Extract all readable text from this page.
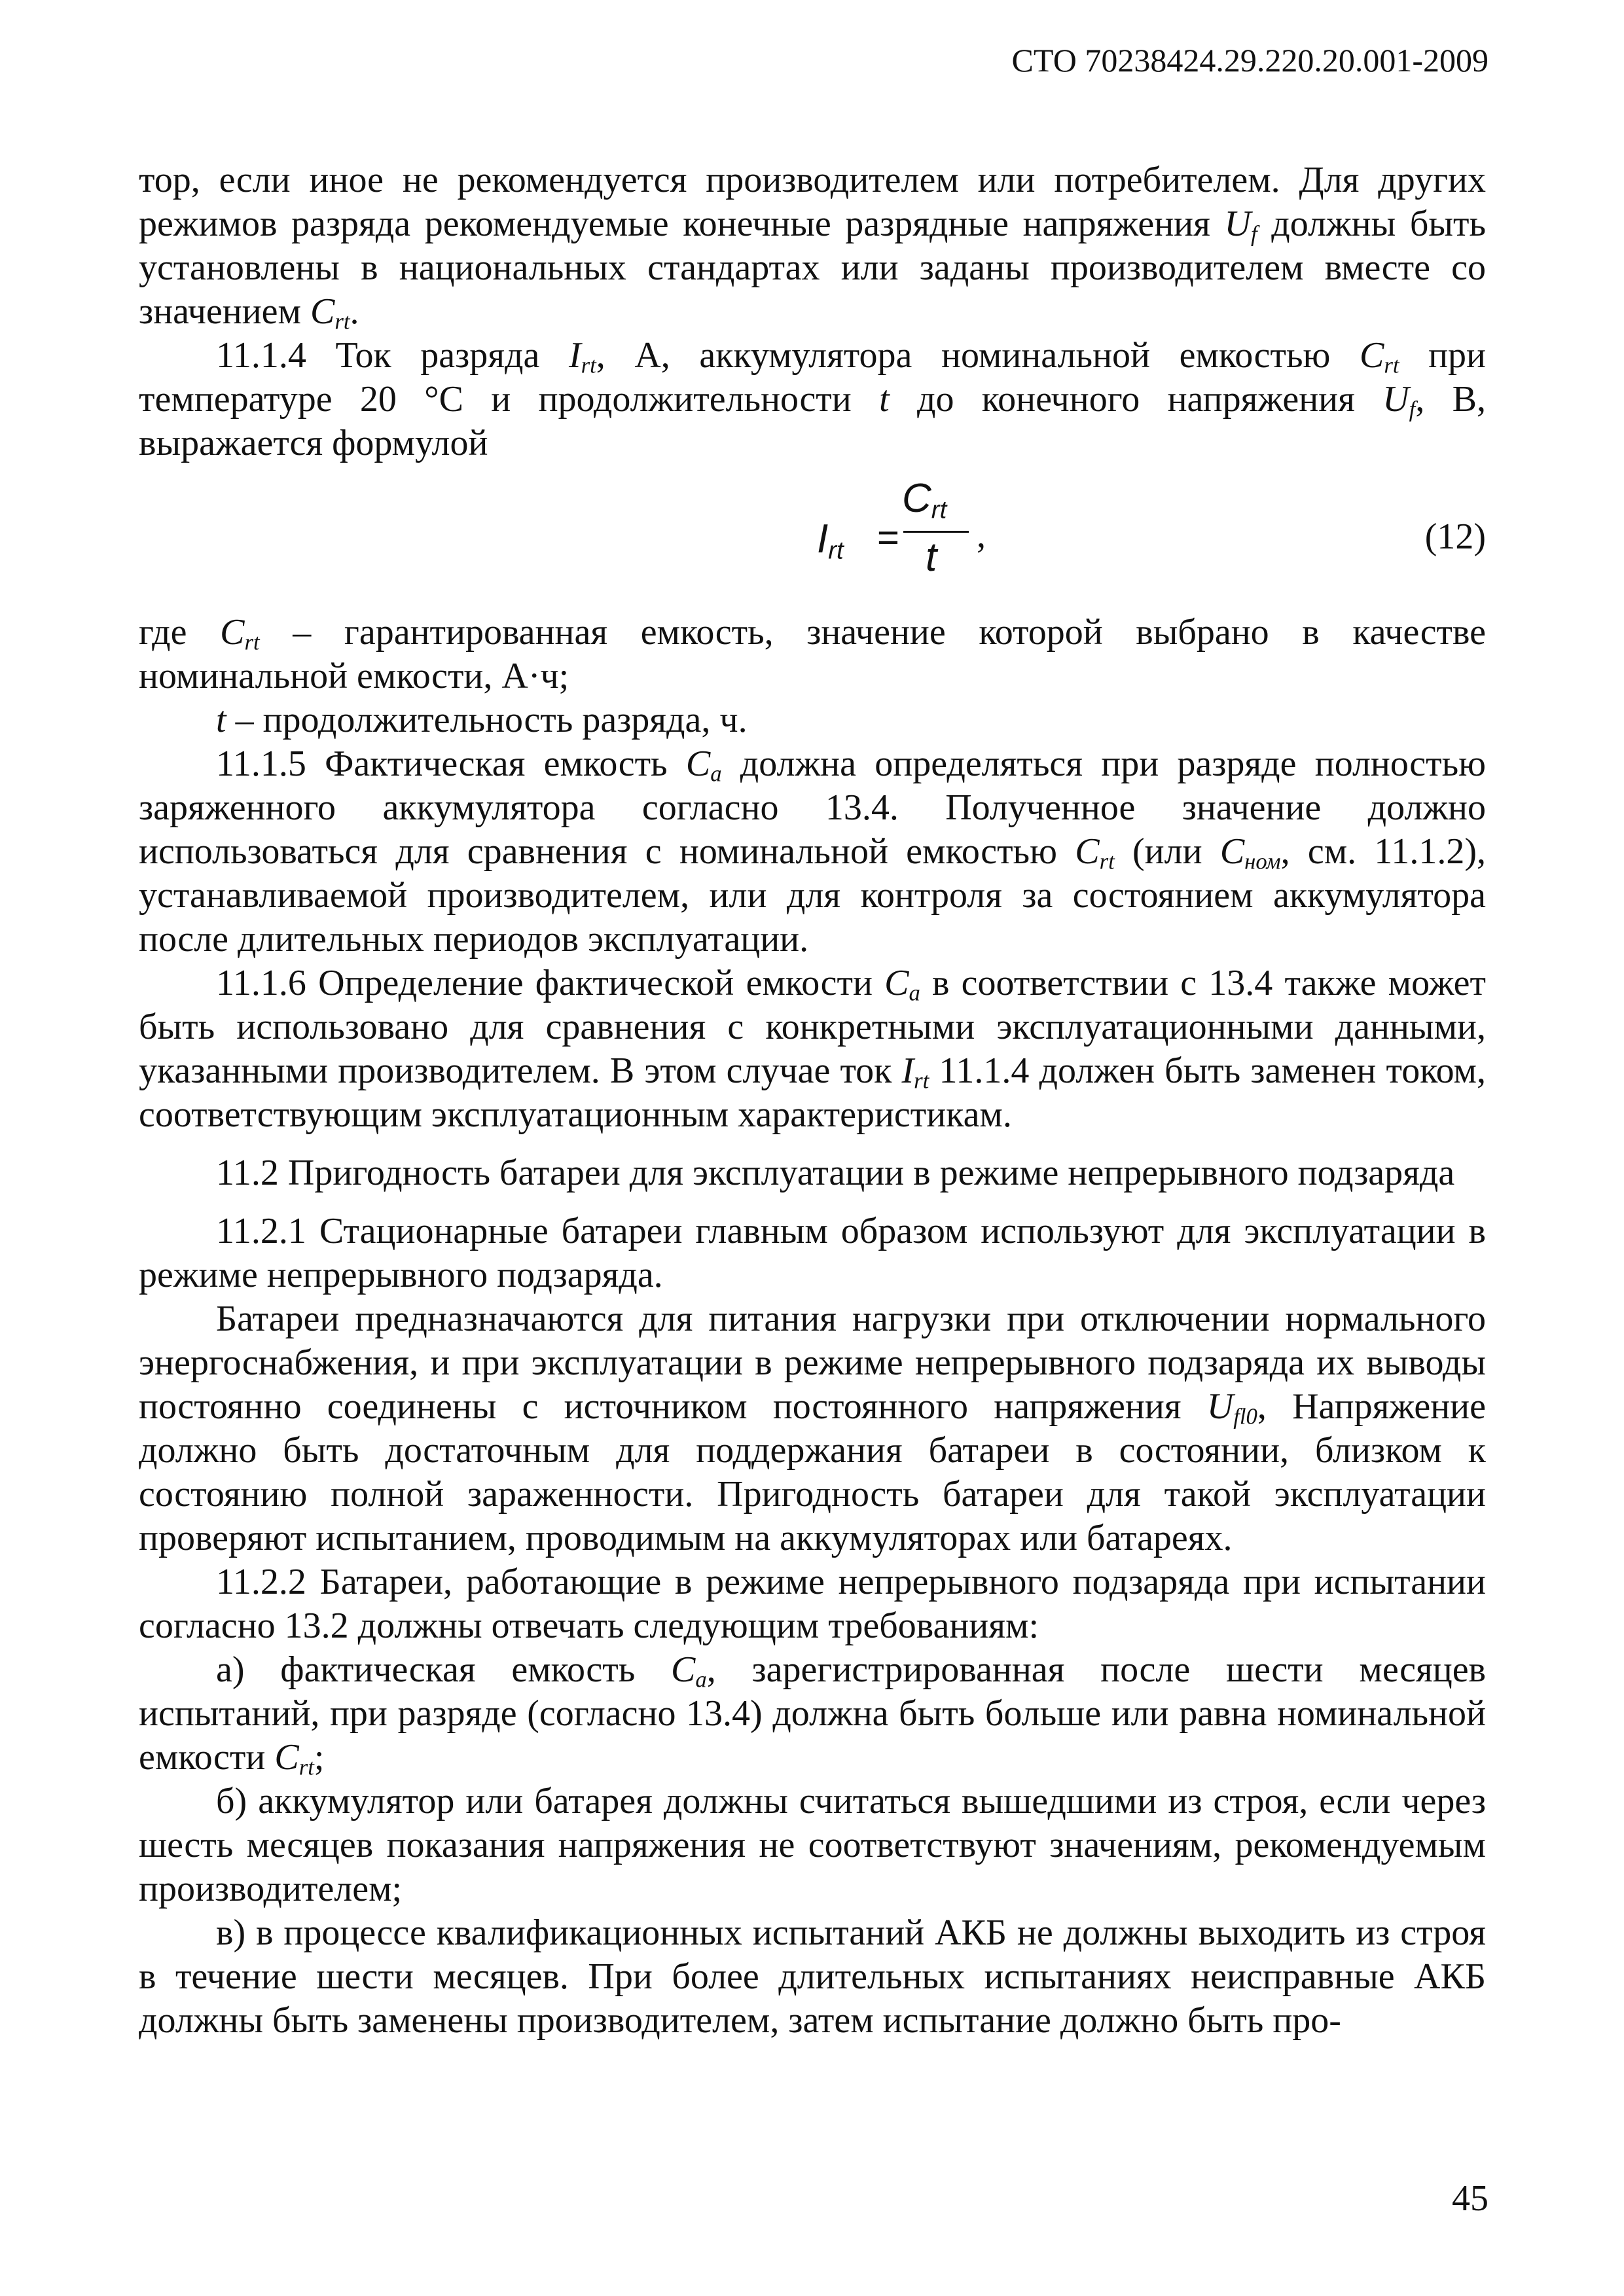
СТО 70238424.29.220.20.001-2009

тор, если иное не рекомендуется производителем или потребителем. Для других режимов разряда рекомендуемые конечные разрядные напряжения $U_f$ должны быть установлены в национальных стандартах или заданы производителем вместе со значением $C_{rt}$.

11.1.4 Ток разряда $I_{rt}$, А, аккумулятора номинальной емкостью $C_{rt}$ при температуре 20 °С и продолжительности t до конечного напряжения $U_f$, В, выражается формулой

$I_{rt}$ =
$C_{rt}$
t ,	(12)

где $C_{rt}$ – гарантированная емкость, значение которой выбрано в качестве номинальной емкости, А·ч;

t – продолжительность разряда, ч.

11.1.5 Фактическая емкость $C_a$ должна определяться при разряде полностью заряженного аккумулятора согласно 13.4. Полученное значение должно использоваться для сравнения с номинальной емкостью $C_{rt}$ (или $C_{ном}$, см. 11.1.2), устанавливаемой производителем, или для контроля за состоянием аккумулятора после длительных периодов эксплуатации.

11.1.6 Определение фактической емкости $C_a$ в соответствии с 13.4 также может быть использовано для сравнения с конкретными эксплуатационными данными, указанными производителем. В этом случае ток $I_{rt}$ 11.1.4 должен быть заменен током, соответствующим эксплуатационным характеристикам.

11.2 Пригодность батареи для эксплуатации в режиме непрерывного подзаряда

11.2.1 Стационарные батареи главным образом используют для эксплуатации в режиме непрерывного подзаряда.

Батареи предназначаются для питания нагрузки при отключении нормального энергоснабжения, и при эксплуатации в режиме непрерывного подзаряда их выводы постоянно соединены с источником постоянного напряжения $U_{fl0}$, Напряжение должно быть достаточным для поддержания батареи в состоянии, близком к состоянию полной зараженности. Пригодность батареи для такой эксплуатации проверяют испытанием, проводимым на аккумуляторах или батареях.

11.2.2 Батареи, работающие в режиме непрерывного подзаряда при испытании согласно 13.2 должны отвечать следующим требованиям:

а) фактическая емкость $C_a$, зарегистрированная после шести месяцев испытаний, при разряде (согласно 13.4) должна быть больше или равна номинальной емкости $C_{rt}$;

б) аккумулятор или батарея должны считаться вышедшими из строя, если через шесть месяцев показания напряжения не соответствуют значениям, рекомендуемым производителем;

в) в процессе квалификационных испытаний АКБ не должны выходить из строя в течение шести месяцев. При более длительных испытаниях неисправные АКБ должны быть заменены производителем, затем испытание должно быть про-

45
